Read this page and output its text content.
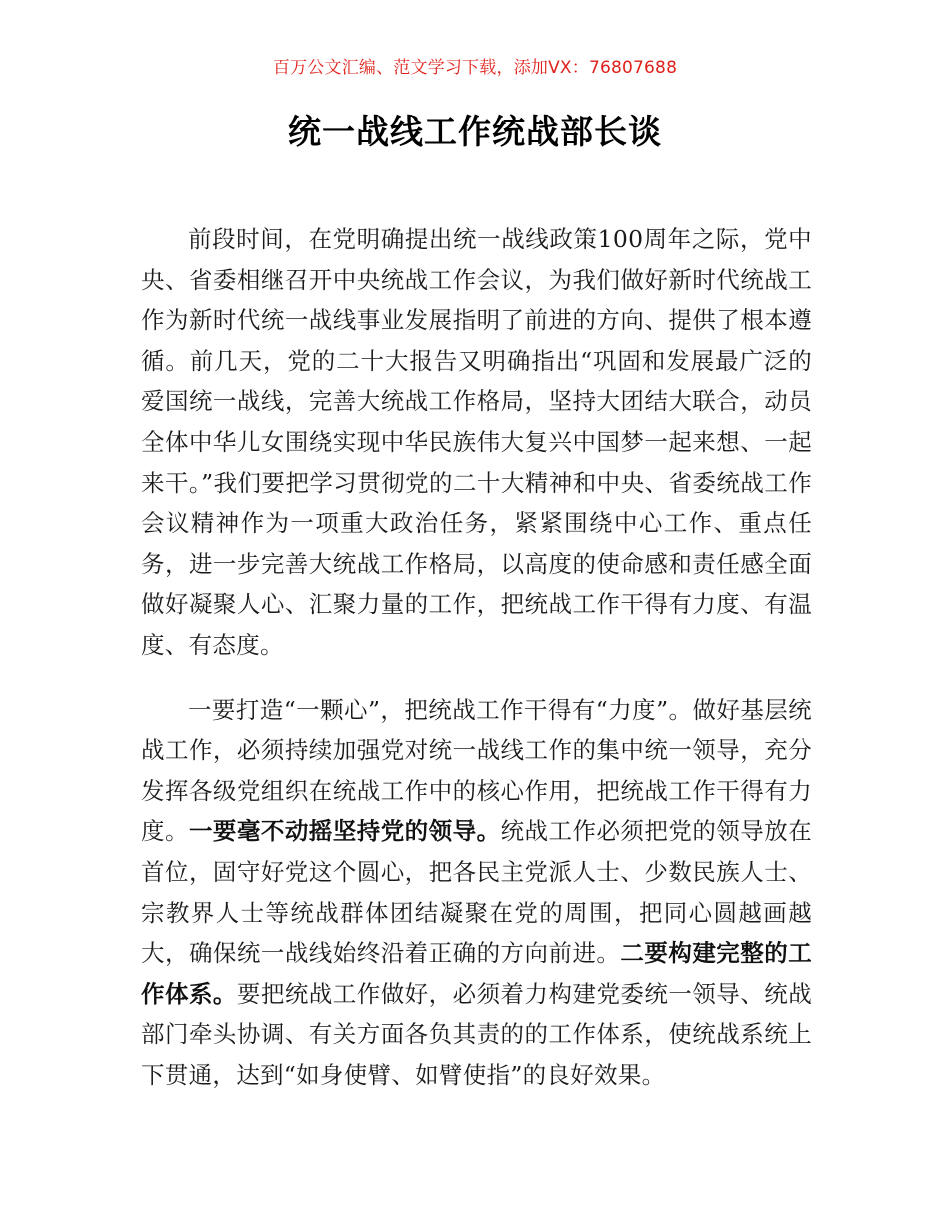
百万公文汇编、范文学习下载，添加VX：76807688
统一战线工作统战部长谈

前段时间，在党明确提出统一战线政策100周年之际，党中央、省委相继召开中央统战工作会议，为我们做好新时代统战工作为新时代统一战线事业发展指明了前进的方向、提供了根本遵循。前几天，党的二十大报告又明确指出“巩固和发展最广泛的爱国统一战线，完善大统战工作格局，坚持大团结大联合，动员全体中华儿女围绕实现中华民族伟大复兴中国梦一起来想、一起来干。”我们要把学习贯彻党的二十大精神和中央、省委统战工作会议精神作为一项重大政治任务，紧紧围绕中心工作、重点任务，进一步完善大统战工作格局，以高度的使命感和责任感全面做好凝聚人心、汇聚力量的工作，把统战工作干得有力度、有温度、有态度。

一要打造“一颗心”，把统战工作干得有“力度”。做好基层统战工作，必须持续加强党对统一战线工作的集中统一领导，充分发挥各级党组织在统战工作中的核心作用，把统战工作干得有力度。一要毫不动摇坚持党的领导。统战工作必须把党的领导放在首位，固守好党这个圆心，把各民主党派人士、少数民族人士、宗教界人士等统战群体团结凝聚在党的周围，把同心圆越画越大，确保统一战线始终沿着正确的方向前进。二要构建完整的工作体系。要把统战工作做好，必须着力构建党委统一领导、统战部门牵头协调、有关方面各负其责的的工作体系，使统战系统上下贯通，达到“如身使臂、如臂使指”的良好效果。
